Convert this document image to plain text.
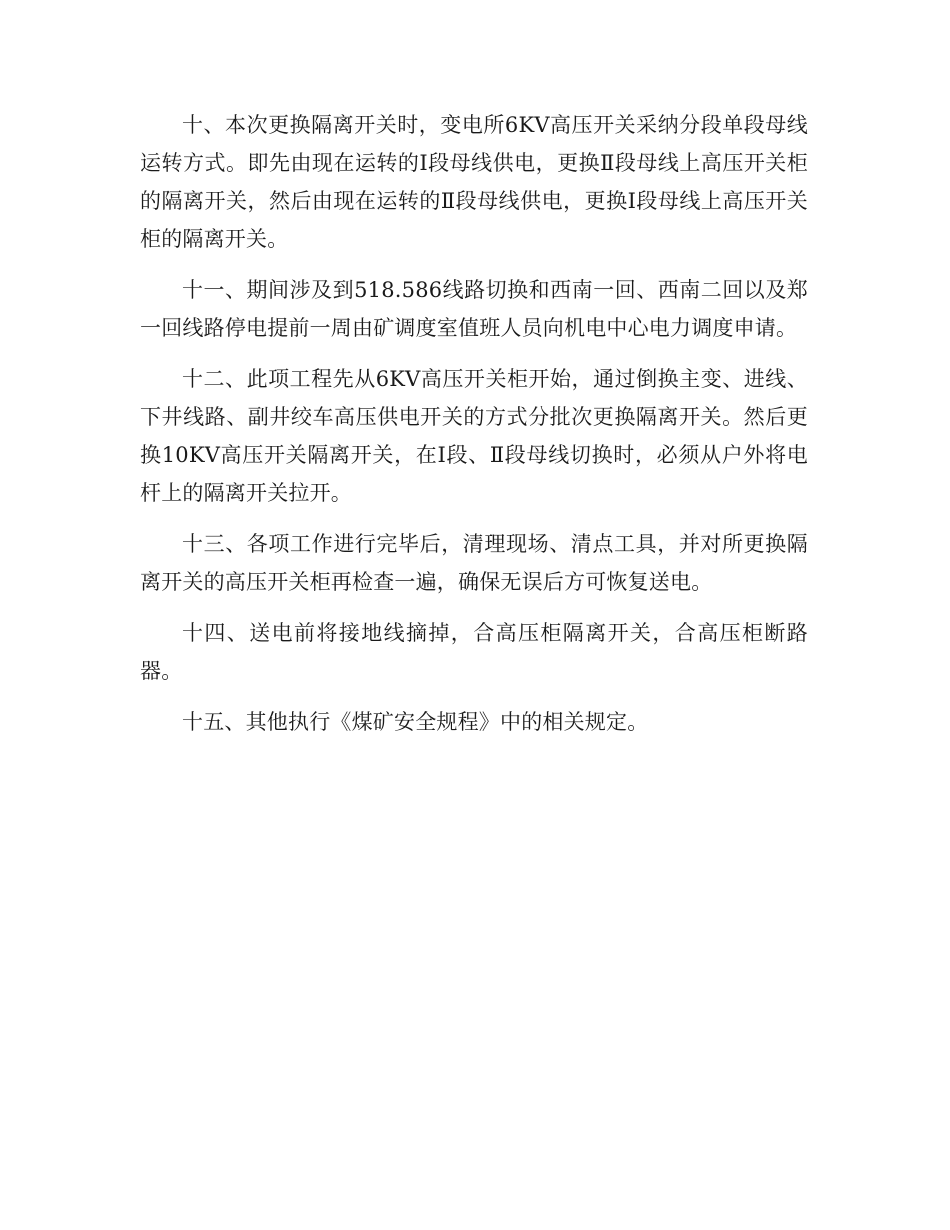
十、本次更换隔离开关时，变电所6KV高压开关采纳分段单段母线运转方式。即先由现在运转的Ⅰ段母线供电，更换Ⅱ段母线上高压开关柜的隔离开关，然后由现在运转的Ⅱ段母线供电，更换Ⅰ段母线上高压开关柜的隔离开关。

十一、期间涉及到518.586线路切换和西南一回、西南二回以及郑一回线路停电提前一周由矿调度室值班人员向机电中心电力调度申请。

十二、此项工程先从6KV高压开关柜开始，通过倒换主变、进线、下井线路、副井绞车高压供电开关的方式分批次更换隔离开关。然后更换10KV高压开关隔离开关，在Ⅰ段、Ⅱ段母线切换时，必须从户外将电杆上的隔离开关拉开。

十三、各项工作进行完毕后，清理现场、清点工具，并对所更换隔离开关的高压开关柜再检查一遍，确保无误后方可恢复送电。

十四、送电前将接地线摘掉，合高压柜隔离开关，合高压柜断路器。

十五、其他执行《煤矿安全规程》中的相关规定。
